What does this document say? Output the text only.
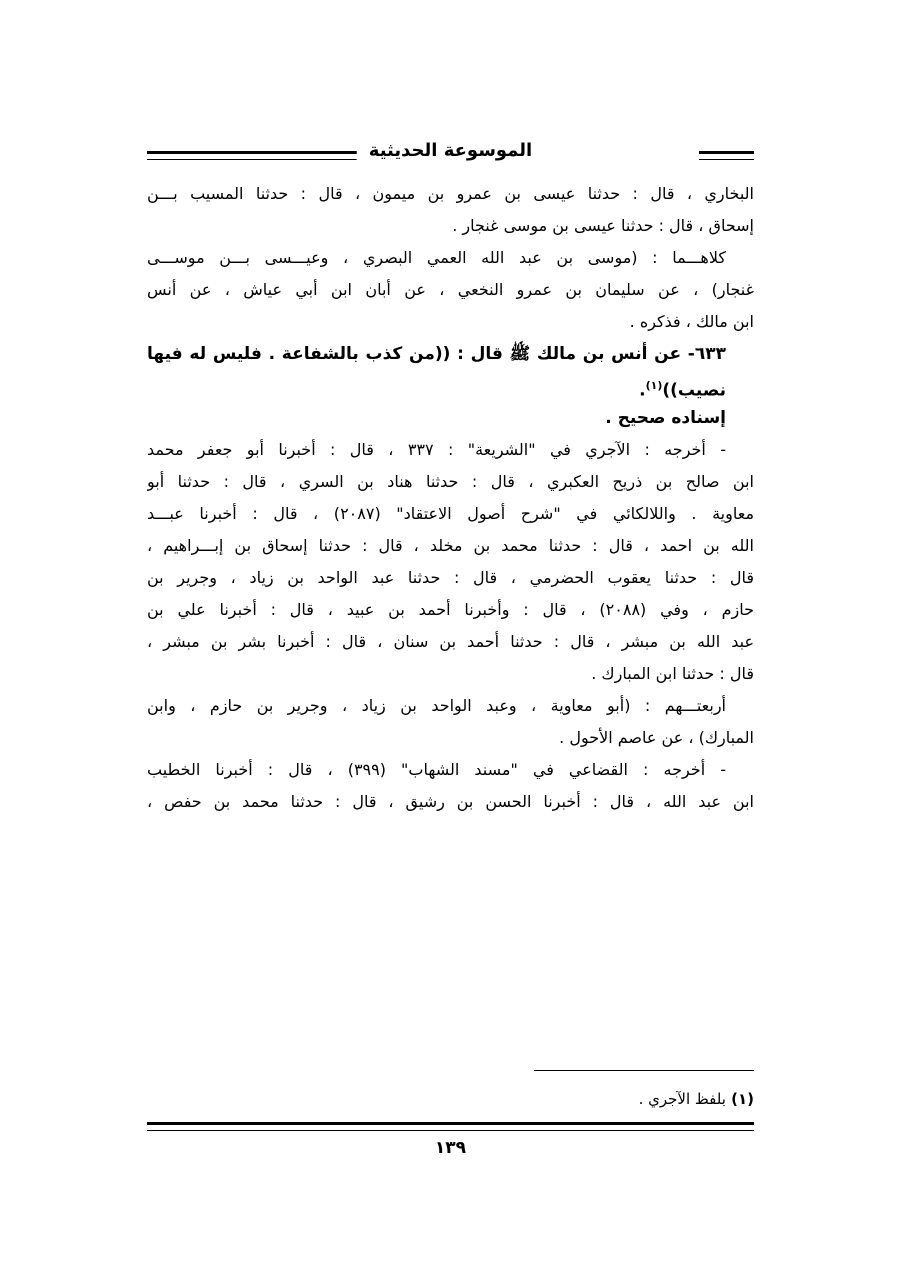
الموسوعة الحديثية
البخاري ، قال : حدثنا عيسى بن عمرو بن ميمون ، قال : حدثنا المسيب بـــن
إسحاق ، قال : حدثنا عيسى بن موسى غنجار .
كلاهـــما : (موسى بن عبد الله العمي البصري ، وعيـــسى بـــن موســـى
غنجار) ، عن سليمان بن عمرو النخعي ، عن أبان ابن أبي عياش ، عن أنس
ابن مالك ، فذكره .
٦٣٣- عن أنس بن مالك ﷺ قال : ((من كذب بالشفاعة . فليس له فيها
نصيب))$^{(١)}$.
إسناده صحيح .
- أخرجه : الآجري في "الشريعة" : ٣٣٧ ، قال : أخبرنا أبو جعفر محمد
ابن صالح بن ذريح العكبري ، قال : حدثنا هناد بن السري ، قال : حدثنا أبو
معاوية . واللالكائي في "شرح أصول الاعتقاد" (٢٠٨٧) ، قال : أخبرنا عبـــد
الله بن احمد ، قال : حدثنا محمد بن مخلد ، قال : حدثنا إسحاق بن إبـــراهيم ،
قال : حدثنا يعقوب الحضرمي ، قال : حدثنا عبد الواحد بن زياد ، وجرير بن
حازم ، وفي (٢٠٨٨) ، قال : وأخبرنا أحمد بن عبيد ، قال : أخبرنا علي بن
عبد الله بن مبشر ، قال : حدثنا أحمد بن سنان ، قال : أخبرنا بشر بن مبشر ،
قال : حدثنا ابن المبارك .
أربعتـــهم : (أبو معاوية ، وعبد الواحد بن زياد ، وجرير بن حازم ، وابن
المبارك) ، عن عاصم الأحول .
- أخرجه : القضاعي في "مسند الشهاب" (٣٩٩) ، قال : أخبرنا الخطيب
ابن عبد الله ، قال : أخبرنا الحسن بن رشيق ، قال : حدثنا محمد بن حفص ،
(١) بلفظ الآجري .
١٣٩
